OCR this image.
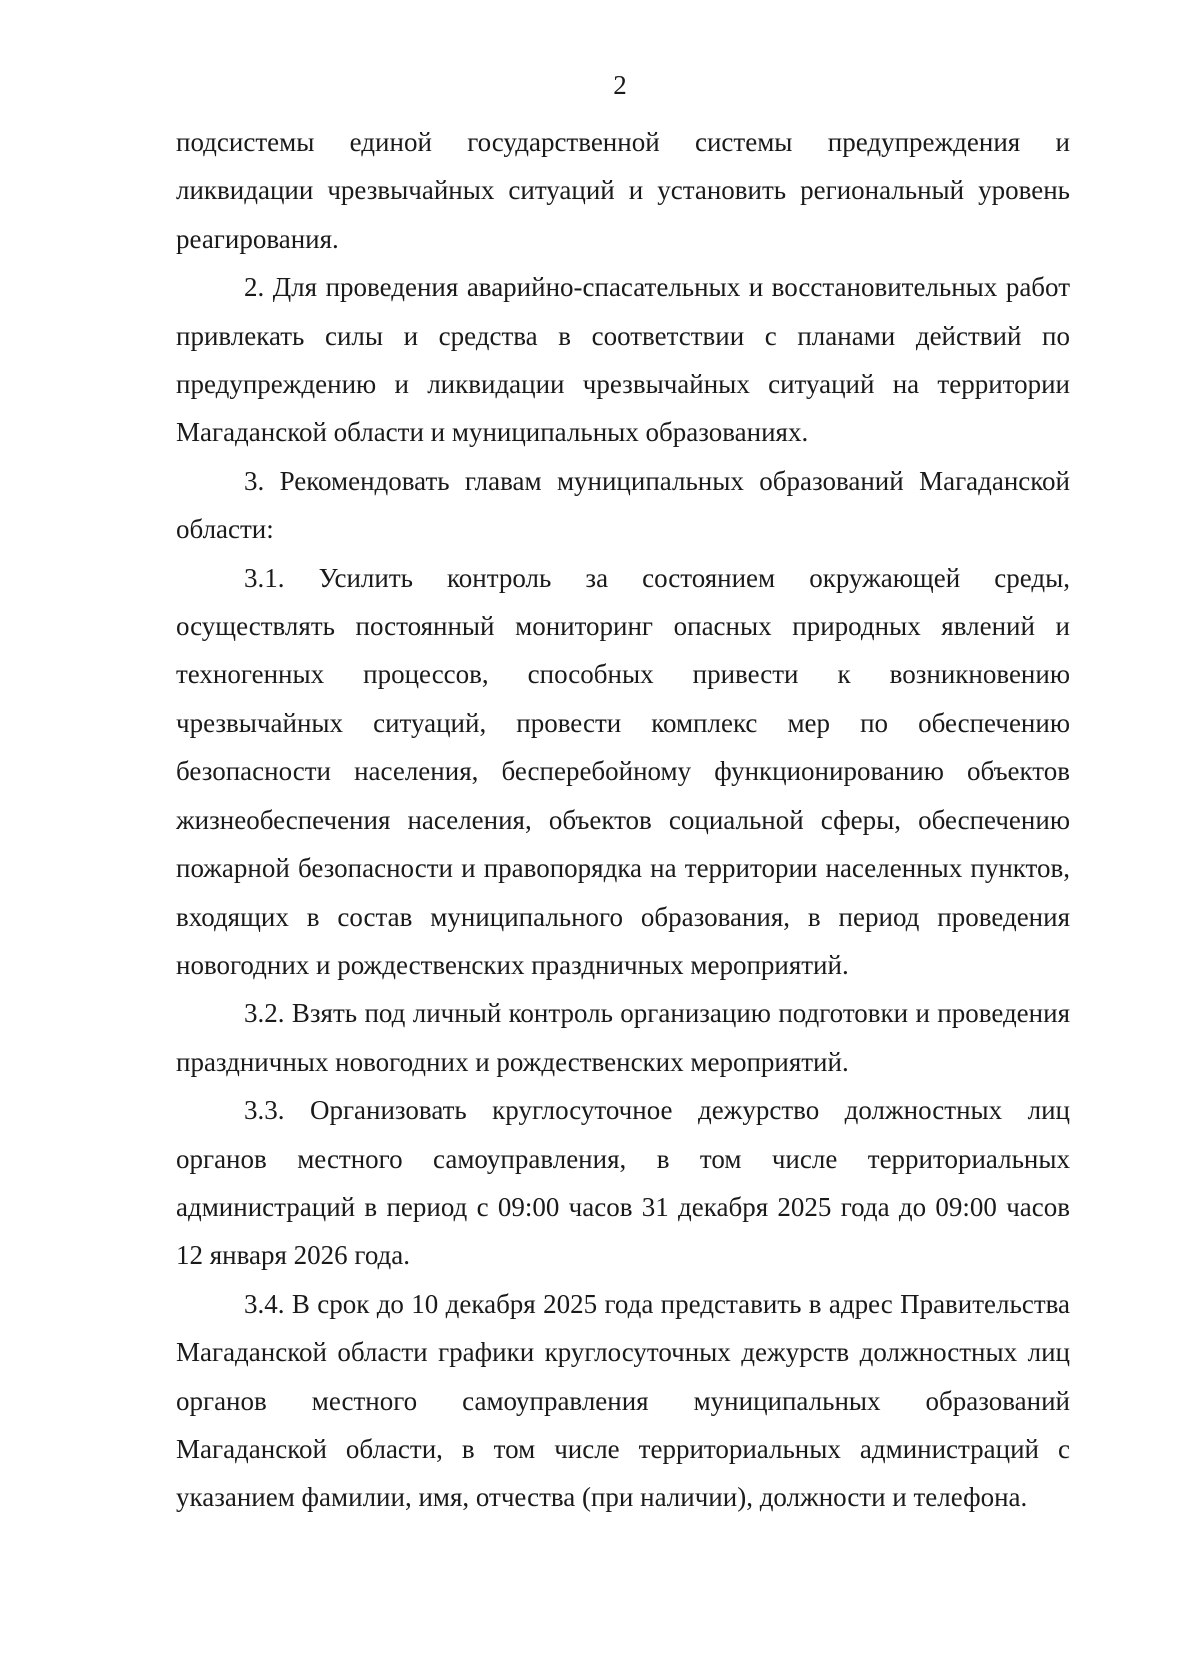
2

подсистемы единой государственной системы предупреждения и ликвидации чрезвычайных ситуаций и установить региональный уровень реагирования.

2. Для проведения аварийно-спасательных и восстановительных работ привлекать силы и средства в соответствии с планами действий по предупреждению и ликвидации чрезвычайных ситуаций на территории Магаданской области и муниципальных образованиях.

3. Рекомендовать главам муниципальных образований Магаданской области:

3.1. Усилить контроль за состоянием окружающей среды, осуществлять постоянный мониторинг опасных природных явлений и техногенных процессов, способных привести к возникновению чрезвычайных ситуаций, провести комплекс мер по обеспечению безопасности населения, бесперебойному функционированию объектов жизнеобеспечения населения, объектов социальной сферы, обеспечению пожарной безопасности и правопорядка на территории населенных пунктов, входящих в состав муниципального образования, в период проведения новогодних и рождественских праздничных мероприятий.

3.2. Взять под личный контроль организацию подготовки и проведения праздничных новогодних и рождественских мероприятий.

3.3. Организовать круглосуточное дежурство должностных лиц органов местного самоуправления, в том числе территориальных администраций в период с 09:00 часов 31 декабря 2025 года до 09:00 часов 12 января 2026 года.

3.4. В срок до 10 декабря 2025 года представить в адрес Правительства Магаданской области графики круглосуточных дежурств должностных лиц органов местного самоуправления муниципальных образований Магаданской области, в том числе территориальных администраций с указанием фамилии, имя, отчества (при наличии), должности и телефона.
